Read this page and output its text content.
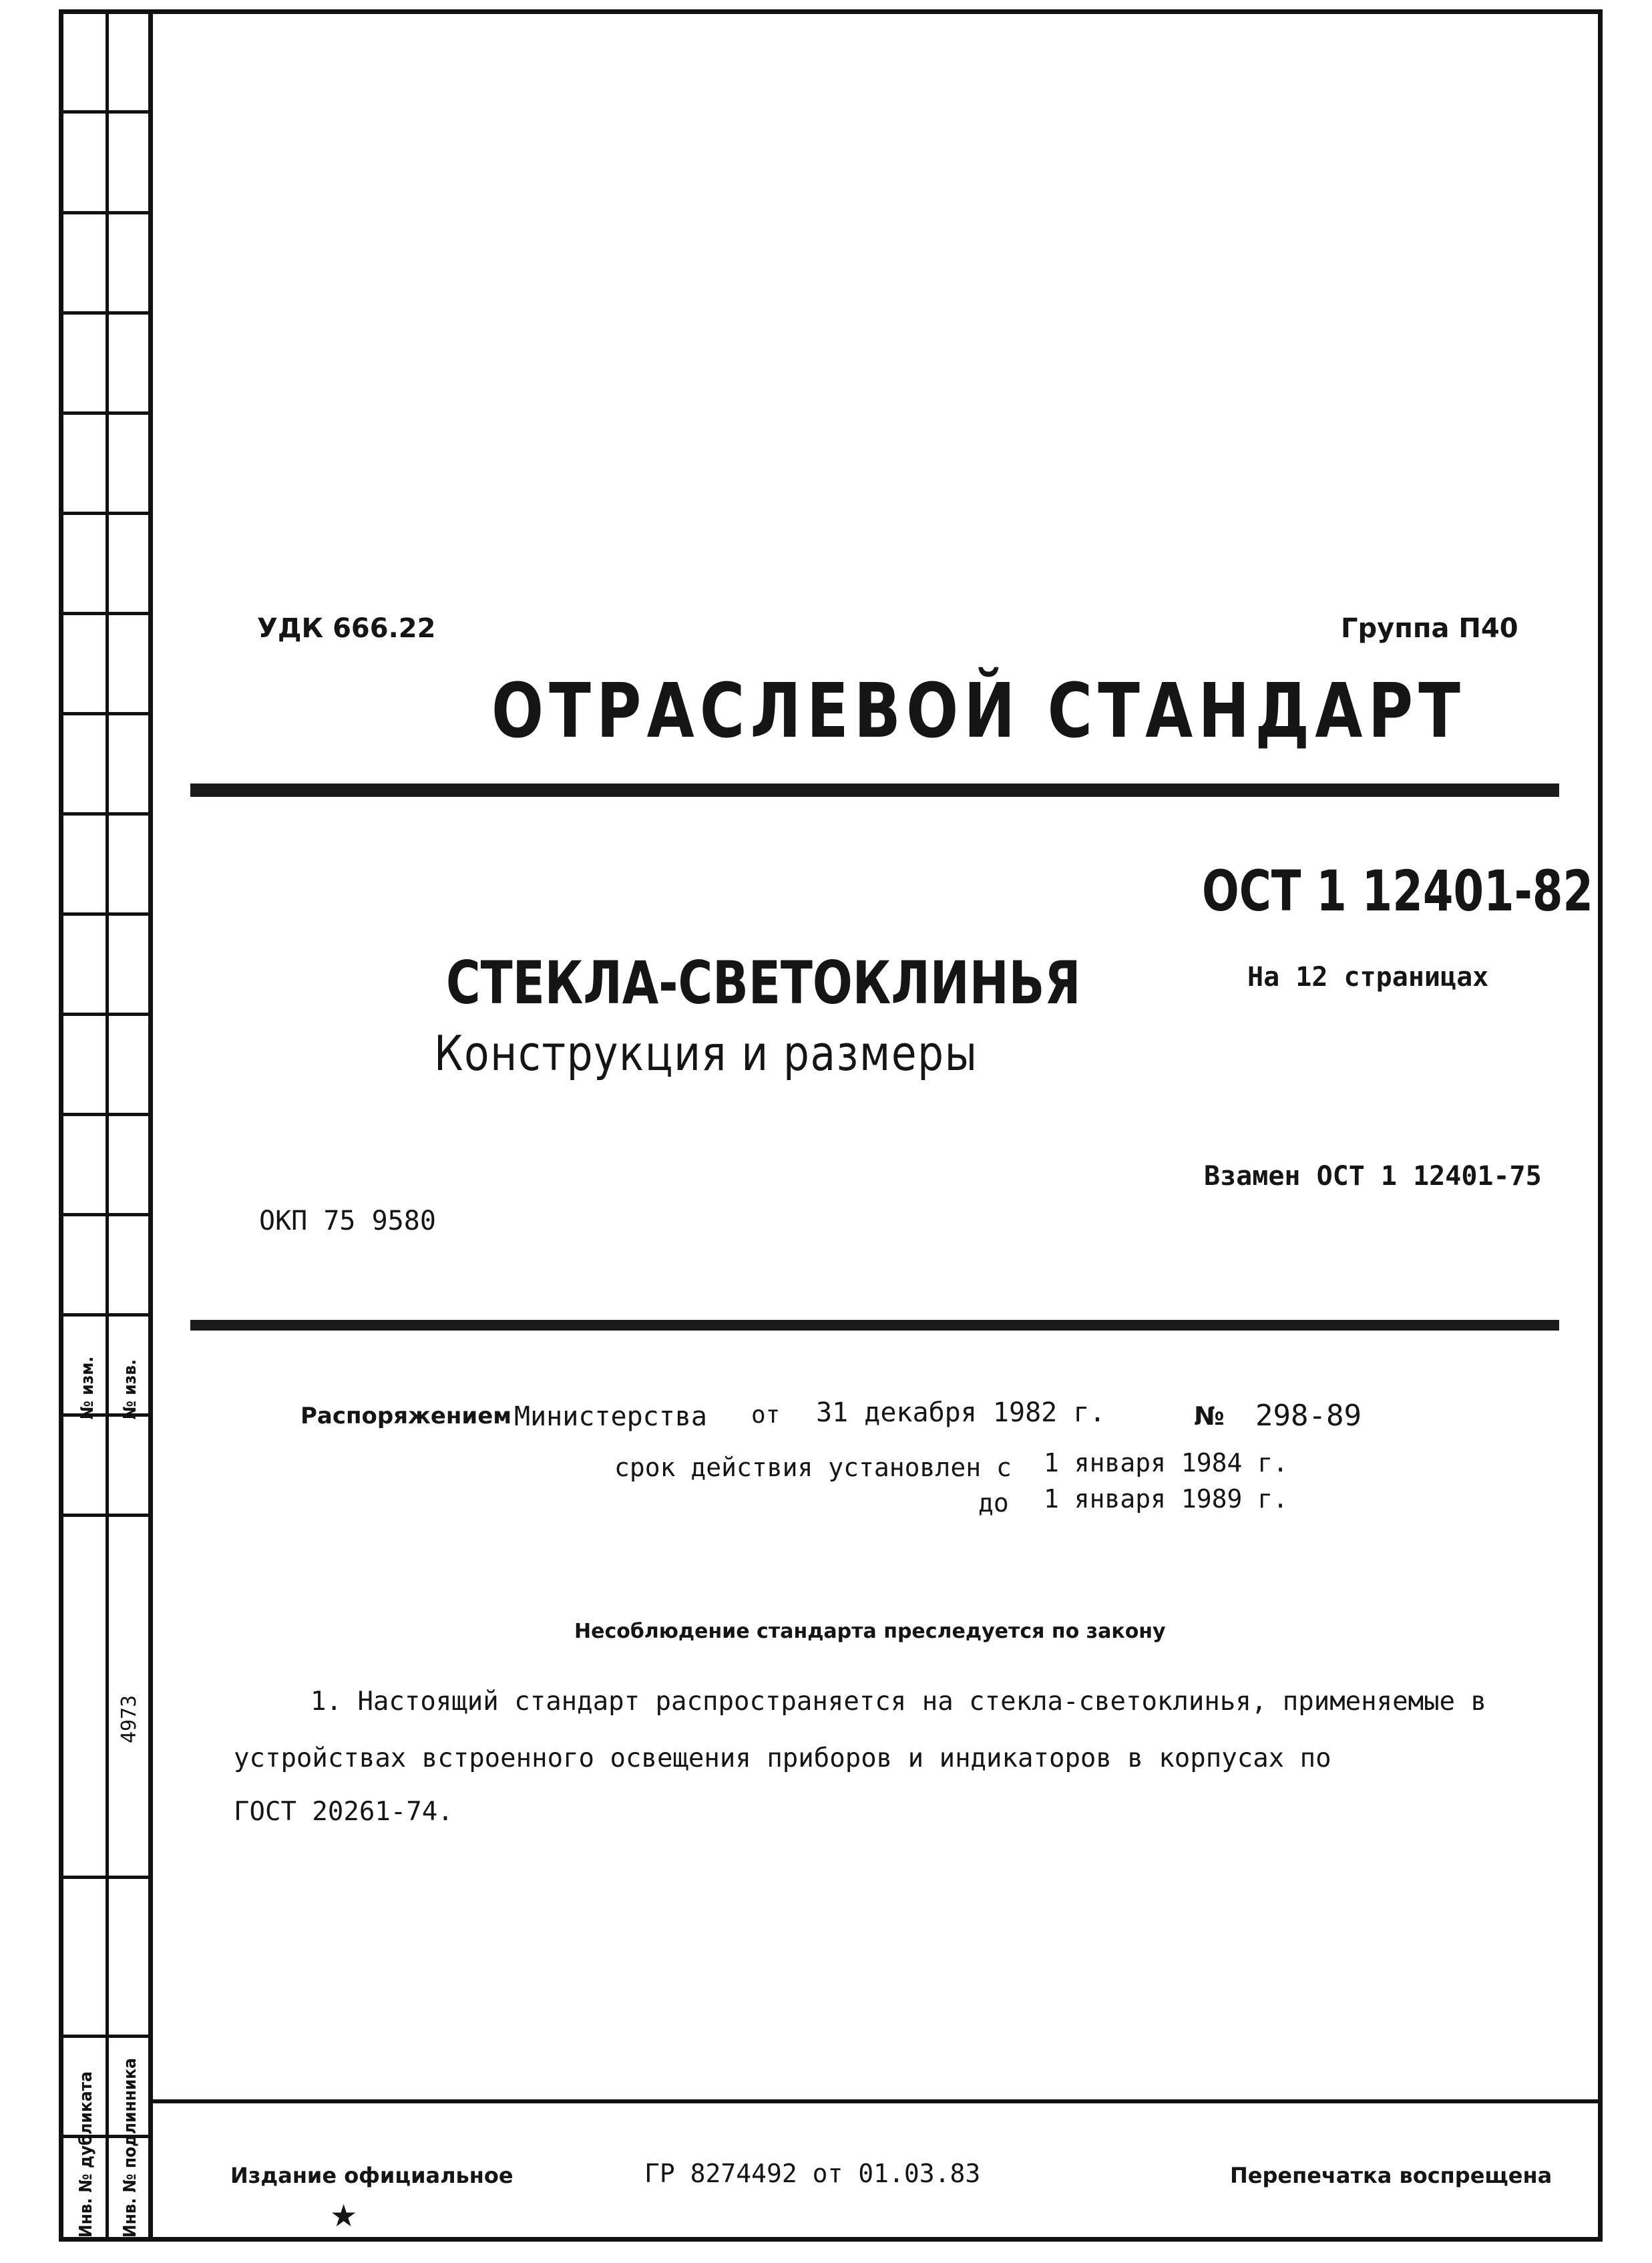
№ изм. № изв.
4973
Инв. № дубликата Инв. № подлинника
УДК 666.22	Группа П40
ОТРАСЛЕВОЙ СТАНДАРТ
ОСТ 1 12401-82
СТЕКЛА-СВЕТОКЛИНЬЯ
Конструкция и размеры
На 12 страницах
Взамен ОСТ 1 12401-75
ОКП 75 9580
Распоряжением Министерства от 31 декабря 1982 г.	№ 298-89
срок действия установлен с 1 января 1984 г.
до 1 января 1989 г.
Несоблюдение стандарта преследуется по закону
1. Настоящий стандарт распространяется на стекла-светоклинья, применяемые в
устройствах встроенного освещения приборов и индикаторов в корпусах по
ГОСТ 20261-74.
Издание официальное
★
ГР 8274492 от 01.03.83	Перепечатка воспрещена
